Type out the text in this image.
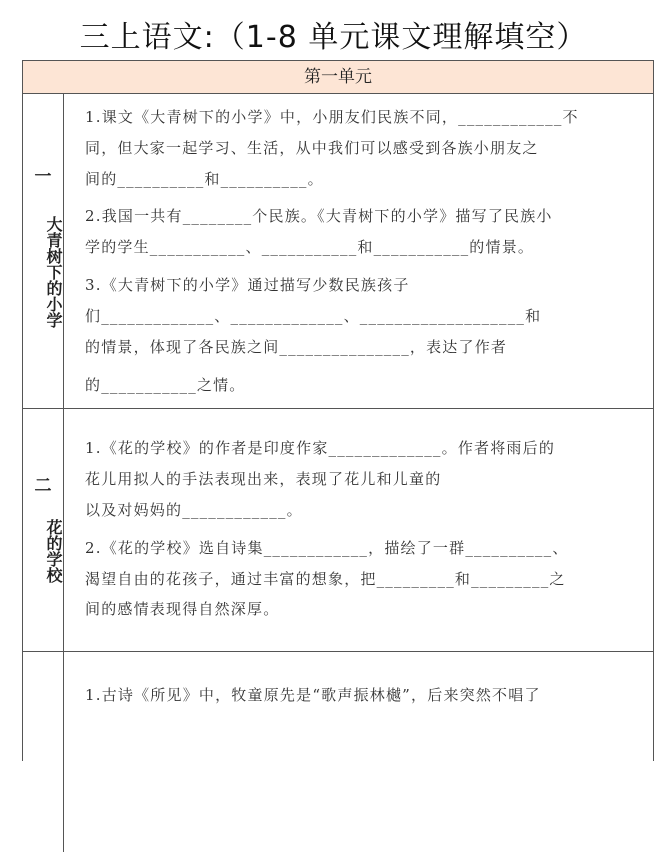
三上语文:（1-8 单元课文理解填空）
第一单元
一
大青树下的小学
1.课文《大青树下的小学》中，小朋友们民族不同，____________不
同，但大家一起学习、生活，从中我们可以感受到各族小朋友之
间的__________和__________。
2.我国一共有________个民族。《大青树下的小学》描写了民族小
学的学生___________、___________和___________的情景。
3.《大青树下的小学》通过描写少数民族孩子
们_____________、_____________、___________________和
的情景，体现了各民族之间_______________，表达了作者
的___________之情。
二
花的学校
1.《花的学校》的作者是印度作家_____________。作者将雨后的
花儿用拟人的手法表现出来，表现了花儿和儿童的
以及对妈妈的____________。
2.《花的学校》选自诗集____________，描绘了一群__________、
渴望自由的花孩子，通过丰富的想象，把_________和_________之
间的感情表现得自然深厚。
1.古诗《所见》中，牧童原先是“歌声振林樾”，后来突然不唱了
